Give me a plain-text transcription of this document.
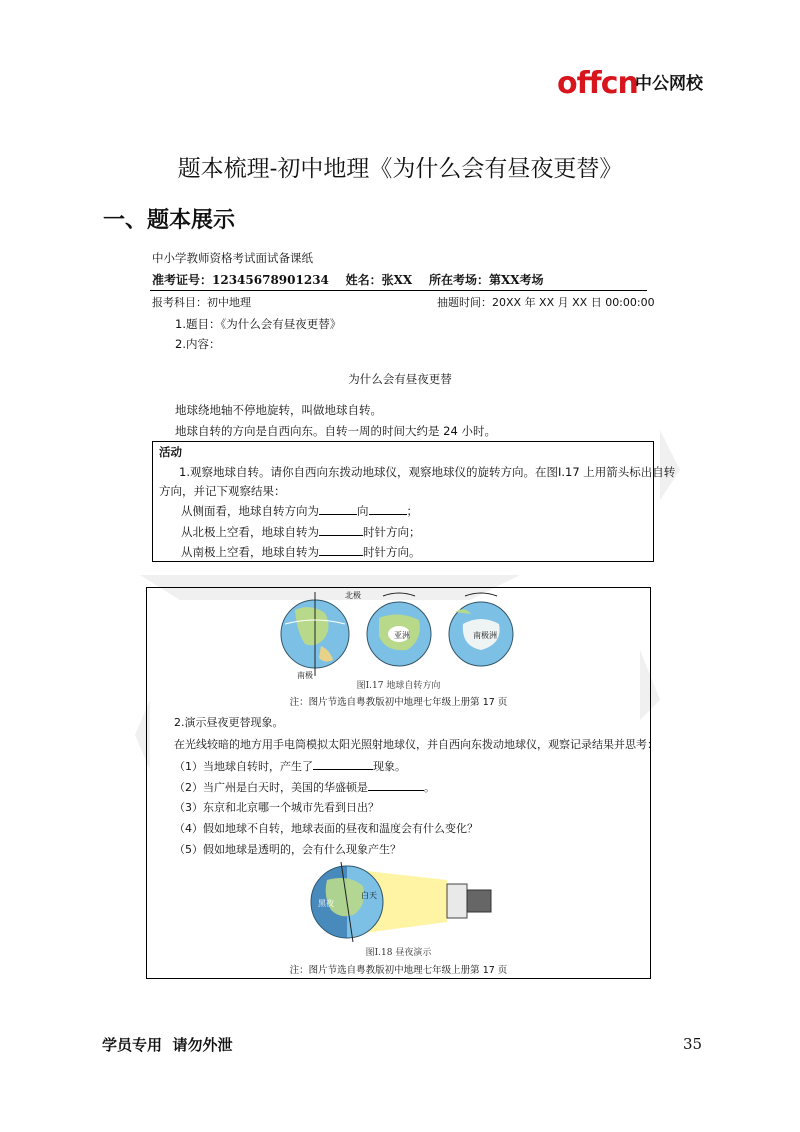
offcn
中公网校
题本梳理-初中地理《为什么会有昼夜更替》
一、题本展示
中小学教师资格考试面试备课纸
准考证号：12345678901234    姓名：张XX    所在考场：第XX考场
报考科目：初中地理	抽题时间：20XX 年 XX 月 XX 日 00:00:00
1.题目：《为什么会有昼夜更替》
2.内容：
为什么会有昼夜更替
地球绕地轴不停地旋转，叫做地球自转。
地球自转的方向是自西向东。自转一周的时间大约是 24 小时。
活动
1.观察地球自转。请你自西向东拨动地球仪，观察地球仪的旋转方向。在图Ⅰ.17 上用箭头标出自转
方向，并记下观察结果：
从侧面看，地球自转方向为	向	；
从北极上空看，地球自转为	时针方向；
从南极上空看，地球自转为	时针方向。
北极
南极
亚洲	南极洲
图Ⅰ.17 地球自转方向
注：图片节选自粤教版初中地理七年级上册第 17 页
2.演示昼夜更替现象。
在光线较暗的地方用手电筒模拟太阳光照射地球仪，并自西向东拨动地球仪，观察记录结果并思考：
（1）当地球自转时，产生了	现象。
（2）当广州是白天时，美国的华盛顿是	。
（3）东京和北京哪一个城市先看到日出？
（4）假如地球不自转，地球表面的昼夜和温度会有什么变化？
（5）假如地球是透明的，会有什么现象产生？
黑夜
白天
图Ⅰ.18 昼夜演示
注：图片节选自粤教版初中地理七年级上册第 17 页
学员专用  请勿外泄	35
